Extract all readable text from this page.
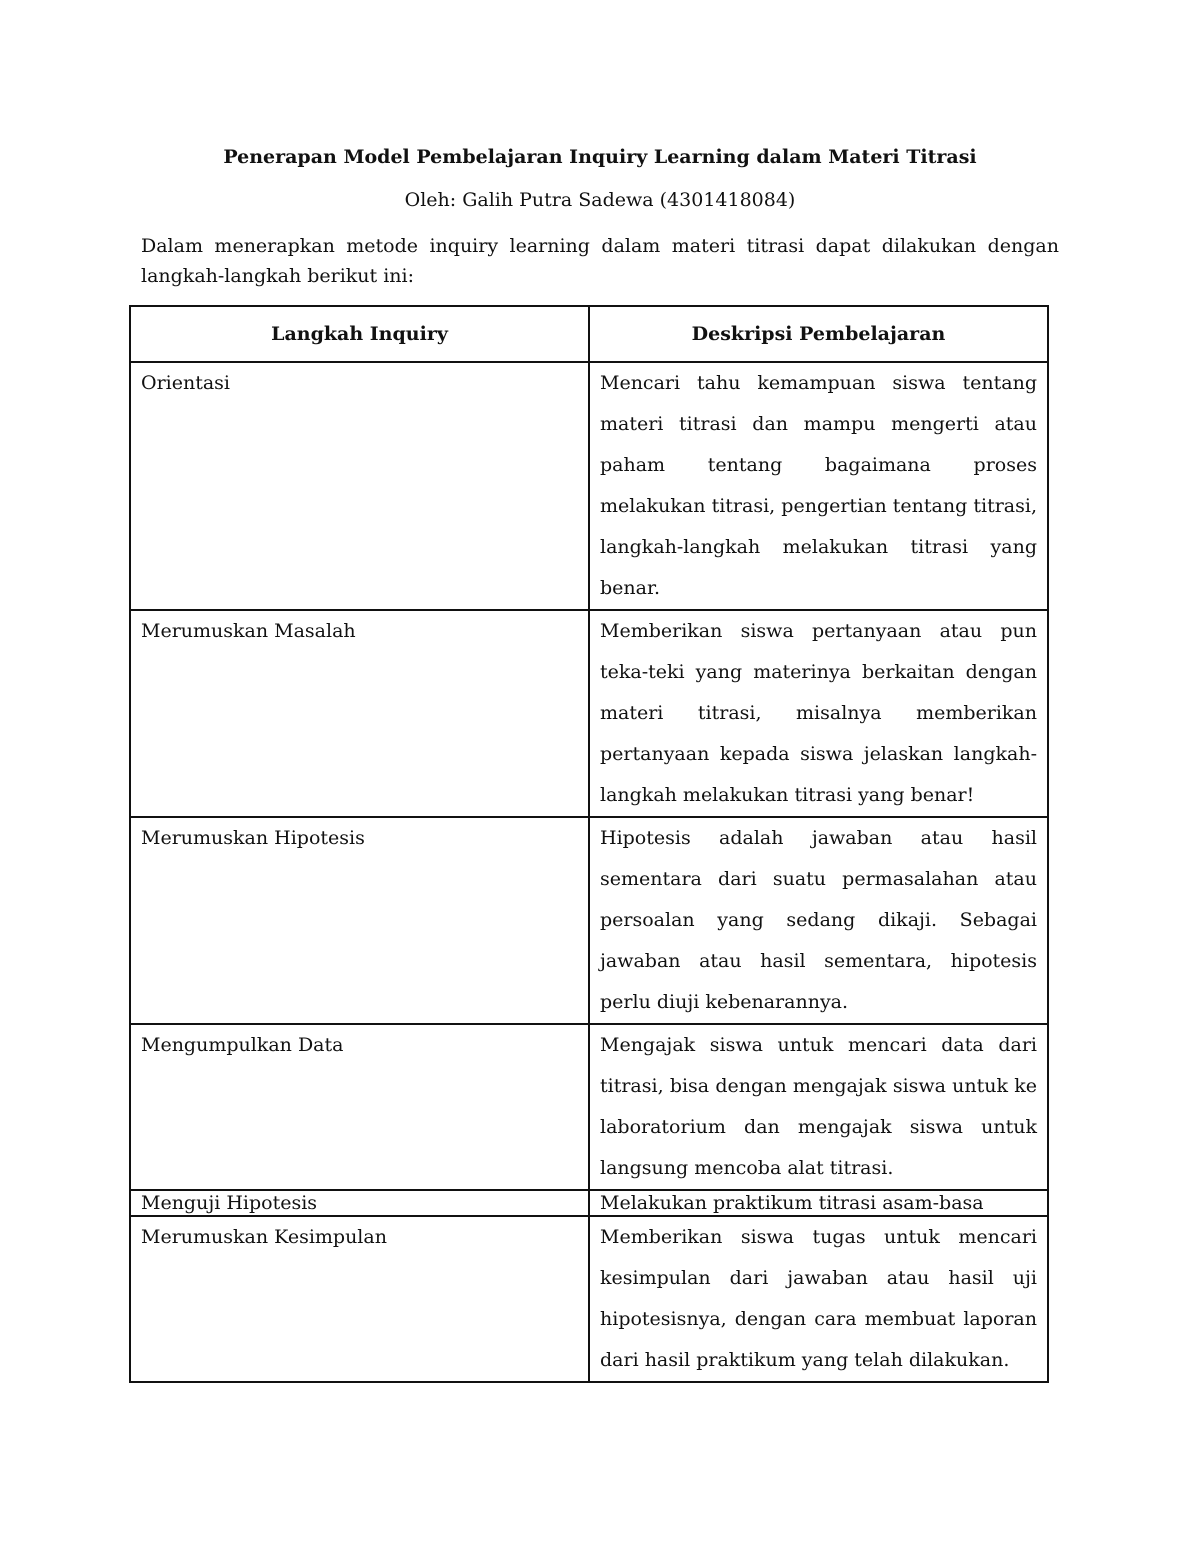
Penerapan Model Pembelajaran Inquiry Learning dalam Materi Titrasi

Oleh: Galih Putra Sadewa (4301418084)

Dalam menerapkan metode inquiry learning dalam materi titrasi dapat dilakukan dengan langkah-langkah berikut ini:

Langkah Inquiry	Deskripsi Pembelajaran
Orientasi	Mencari tahu kemampuan siswa tentang materi titrasi dan mampu mengerti atau paham tentang bagaimana proses melakukan titrasi, pengertian tentang titrasi, langkah-langkah melakukan titrasi yang benar.
Merumuskan Masalah	Memberikan siswa pertanyaan atau pun teka-teki yang materinya berkaitan dengan materi titrasi, misalnya memberikan pertanyaan kepada siswa jelaskan langkah-langkah melakukan titrasi yang benar!
Merumuskan Hipotesis	Hipotesis adalah jawaban atau hasil sementara dari suatu permasalahan atau persoalan yang sedang dikaji. Sebagai jawaban atau hasil sementara, hipotesis perlu diuji kebenarannya.
Mengumpulkan Data	Mengajak siswa untuk mencari data dari titrasi, bisa dengan mengajak siswa untuk ke laboratorium dan mengajak siswa untuk langsung mencoba alat titrasi.
Menguji Hipotesis	Melakukan praktikum titrasi asam-basa
Merumuskan Kesimpulan	Memberikan siswa tugas untuk mencari kesimpulan dari jawaban atau hasil uji hipotesisnya, dengan cara membuat laporan dari hasil praktikum yang telah dilakukan.
